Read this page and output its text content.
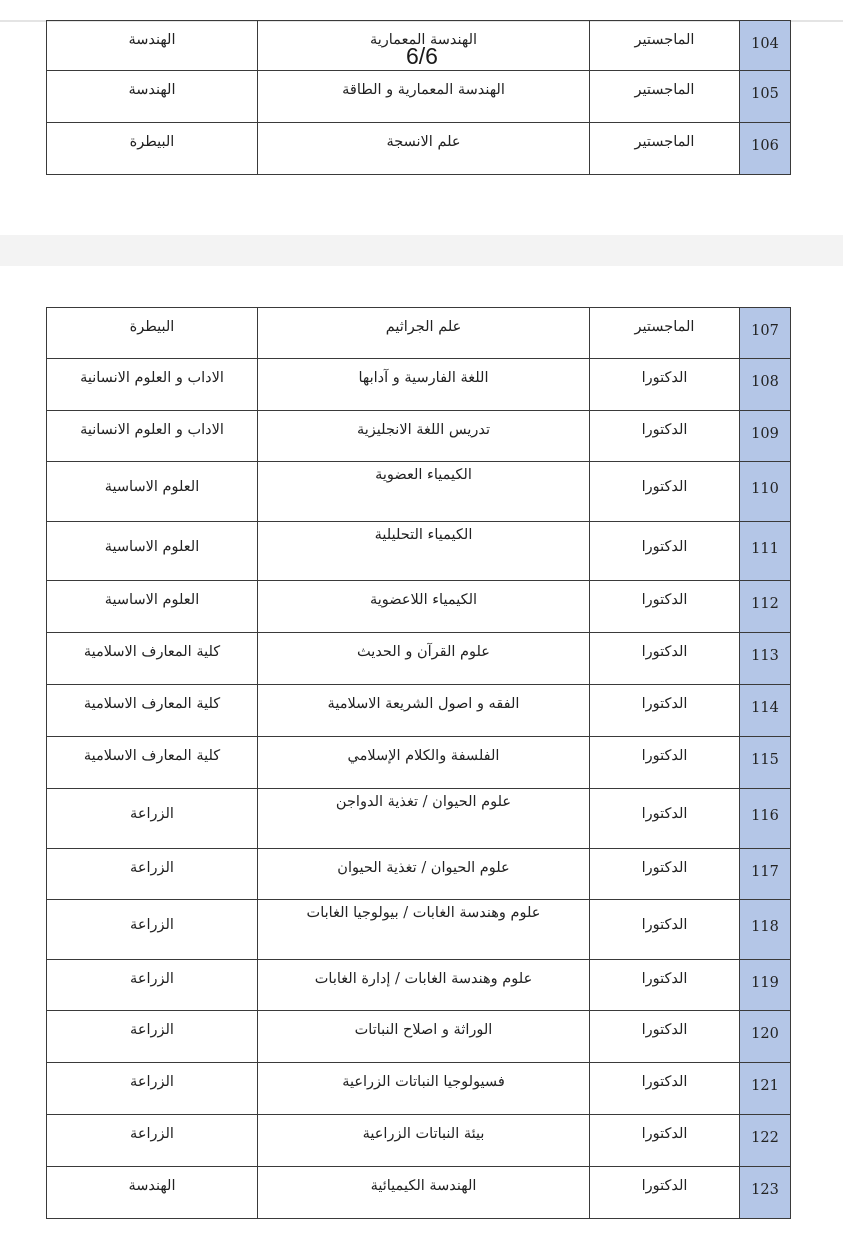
الهندسة	الهندسة المعمارية	الماجستير	104

الهندسة	الهندسة المعمارية و الطاقة	الماجستير	105

البيطرة	علم الانسجة	الماجستير	106
6/6
البيطرة	علم الجراثيم	الماجستير	107

الاداب و العلوم الانسانية	اللغة الفارسية و آدابها	الدكتورا	108

الاداب و العلوم الانسانية	تدريس اللغة الانجليزية	الدكتورا	109

العلوم الاساسية	الكيمياء العضوية	الدكتورا	110

العلوم الاساسية	الكيمياء التحليلية	الدكتورا	111

العلوم الاساسية	الكيمياء اللاعضوية	الدكتورا	112

كلية المعارف الاسلامية	علوم القرآن و الحديث	الدكتورا	113

كلية المعارف الاسلامية	الفقه و اصول الشريعة الاسلامية	الدكتورا	114

كلية المعارف الاسلامية	الفلسفة والكلام الإسلامي	الدكتورا	115

الزراعة	علوم الحيوان / تغذية الدواجن	الدكتورا	116

الزراعة	علوم الحيوان / تغذية الحيوان	الدكتورا	117

الزراعة	علوم وهندسة الغابات / بيولوجيا الغابات	الدكتورا	118

الزراعة	علوم وهندسة الغابات / إدارة الغابات	الدكتورا	119

الزراعة	الوراثة و اصلاح النباتات	الدكتورا	120

الزراعة	فسيولوجيا النباتات الزراعية	الدكتورا	121

الزراعة	بيئة النباتات الزراعية	الدكتورا	122

الهندسة	الهندسة الكيميائية	الدكتورا	123
